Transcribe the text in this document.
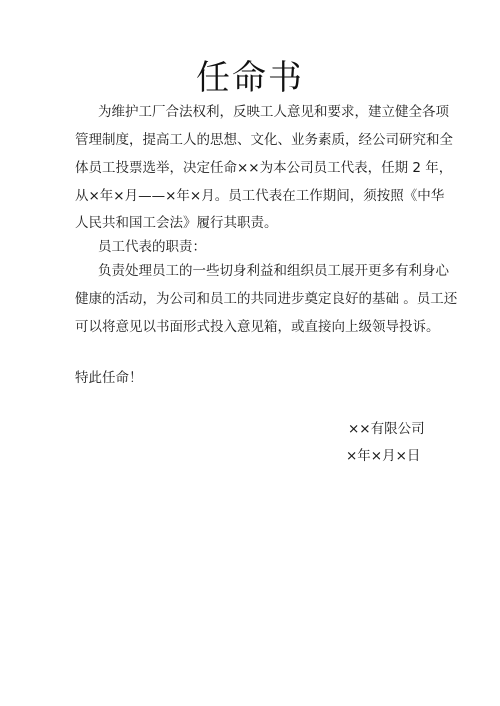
任命书
为维护工厂合法权利，反映工人意见和要求，建立健全各项
管理制度，提高工人的思想、文化、业务素质，经公司研究和全
体员工投票选举，决定任命××为本公司员工代表，任期 2 年，
从×年×月——×年×月。员工代表在工作期间，须按照《中华
人民共和国工会法》履行其职责。
员工代表的职责：
负责处理员工的一些切身利益和组织员工展开更多有利身心
健康的活动，为公司和员工的共同进步奠定良好的基础 。员工还
可以将意见以书面形式投入意见箱，或直接向上级领导投诉。
特此任命！
××有限公司
×年×月×日
